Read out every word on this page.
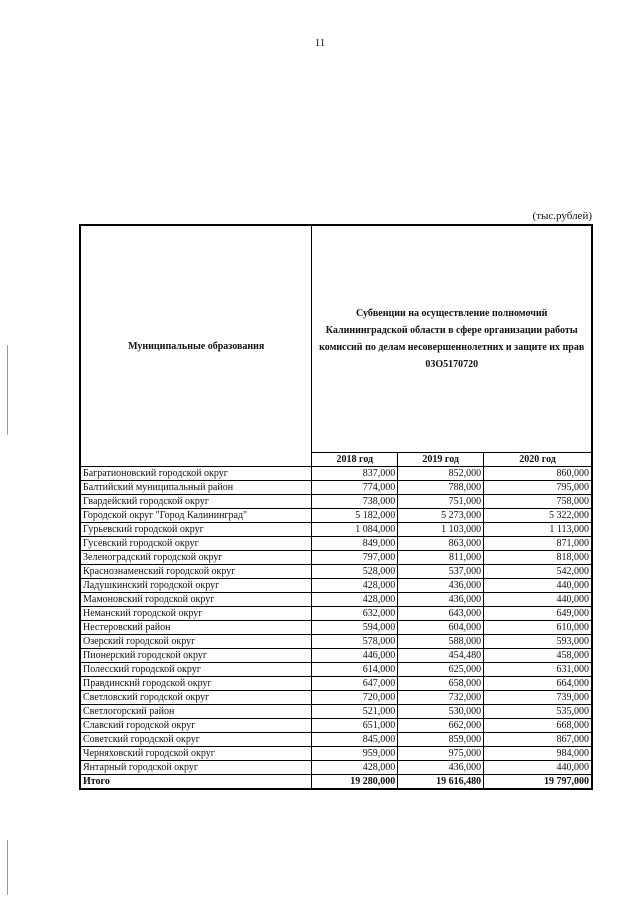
11
(тыс.рублей)
Муниципальные образования	Субвенции на осуществление полномочий Калининградской области в сфере организации работы комиссий по делам несовершеннолетних и защите их прав 03О5170720		
	2018 год	2019 год	2020 год
Багратионовский городской округ	837,000	852,000	860,000
Балтийский муниципальный район	774,000	788,000	795,000
Гвардейский городской округ	738,000	751,000	758,000
Городской округ "Город Калининград"	5 182,000	5 273,000	5 322,000
Гурьевский городской округ	1 084,000	1 103,000	1 113,000
Гусевский городской округ	849,000	863,000	871,000
Зеленоградский городской округ	797,000	811,000	818,000
Краснознаменский городской округ	528,000	537,000	542,000
Ладушкинский городской округ	428,000	436,000	440,000
Мамоновский городской округ	428,000	436,000	440,000
Неманский городской округ	632,000	643,000	649,000
Нестеровский район	594,000	604,000	610,000
Озерский городской округ	578,000	588,000	593,000
Пионерский городской округ	446,000	454,480	458,000
Полесский городской округ	614,000	625,000	631,000
Правдинский городской округ	647,000	658,000	664,000
Светловский городской округ	720,000	732,000	739,000
Светлогорский район	521,000	530,000	535,000
Славский городской округ	651,000	662,000	668,000
Советский городской округ	845,000	859,000	867,000
Черняховский городской округ	959,000	975,000	984,000
Янтарный городской округ	428,000	436,000	440,000
Итого	19 280,000	19 616,480	19 797,000
